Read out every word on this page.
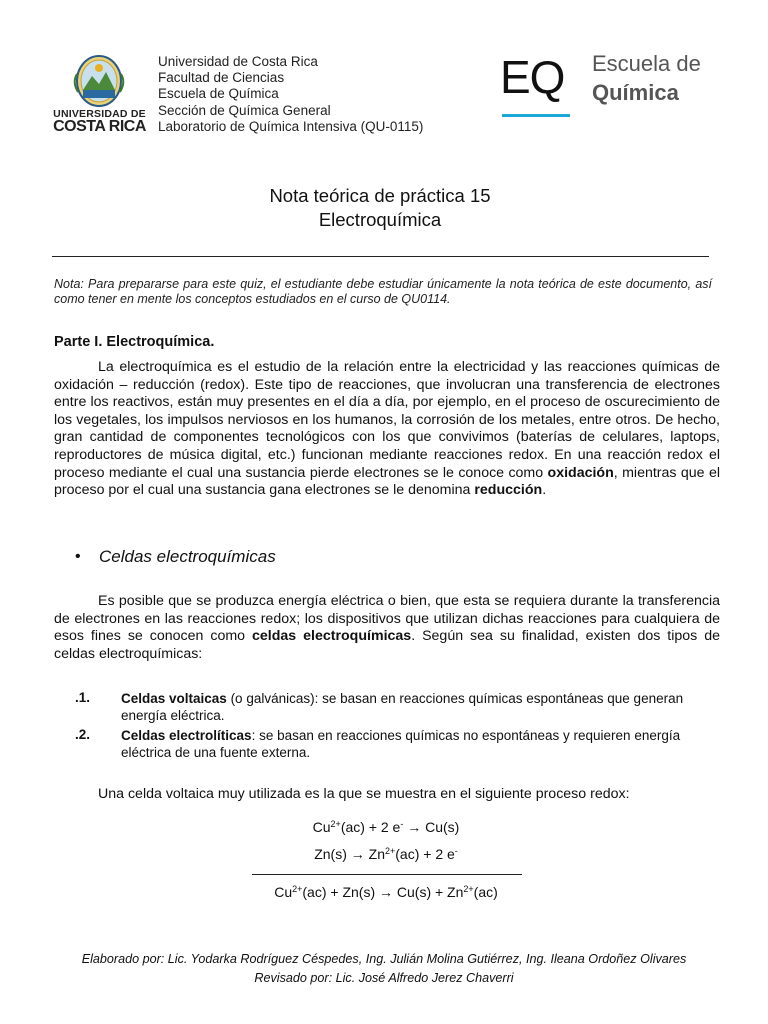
UNIVERSIDAD DE
COSTA RICA
Universidad de Costa Rica
Facultad de Ciencias
Escuela de Química
Sección de Química General
Laboratorio de Química Intensiva (QU-0115)
EQ Escuela de
Química
Nota teórica de práctica 15
Electroquímica
Nota: Para prepararse para este quiz, el estudiante debe estudiar únicamente la nota teórica de este documento, así como tener en mente los conceptos estudiados en el curso de QU0114.
Parte I. Electroquímica.
La electroquímica es el estudio de la relación entre la electricidad y las reacciones químicas de oxidación – reducción (redox). Este tipo de reacciones, que involucran una transferencia de electrones entre los reactivos, están muy presentes en el día a día, por ejemplo, en el proceso de oscurecimiento de los vegetales, los impulsos nerviosos en los humanos, la corrosión de los metales, entre otros. De hecho, gran cantidad de componentes tecnológicos con los que convivimos (baterías de celulares, laptops, reproductores de música digital, etc.) funcionan mediante reacciones redox. En una reacción redox el proceso mediante el cual una sustancia pierde electrones se le conoce como oxidación, mientras que el proceso por el cual una sustancia gana electrones se le denomina reducción.
• Celdas electroquímicas
Es posible que se produzca energía eléctrica o bien, que esta se requiera durante la transferencia de electrones en las reacciones redox; los dispositivos que utilizan dichas reacciones para cualquiera de esos fines se conocen como celdas electroquímicas. Según sea su finalidad, existen dos tipos de celdas electroquímicas:
.1. Celdas voltaicas (o galvánicas): se basan en reacciones químicas espontáneas que generan energía eléctrica.
.2. Celdas electrolíticas: se basan en reacciones químicas no espontáneas y requieren energía eléctrica de una fuente externa.
Una celda voltaica muy utilizada es la que se muestra en el siguiente proceso redox:
$Cu^{2+}(ac) + 2$ e- → Cu(s)
$Zn(s) \to Zn^{2+}(ac) + 2$ e-
$Cu^{2+}(ac) + Zn(s) \to Cu(s) + Zn^{2+}(ac)$
Elaborado por: Lic. Yodarka Rodríguez Céspedes, Ing. Julián Molina Gutiérrez, Ing. Ileana Ordoñez Olivares
Revisado por: Lic. José Alfredo Jerez Chaverri
